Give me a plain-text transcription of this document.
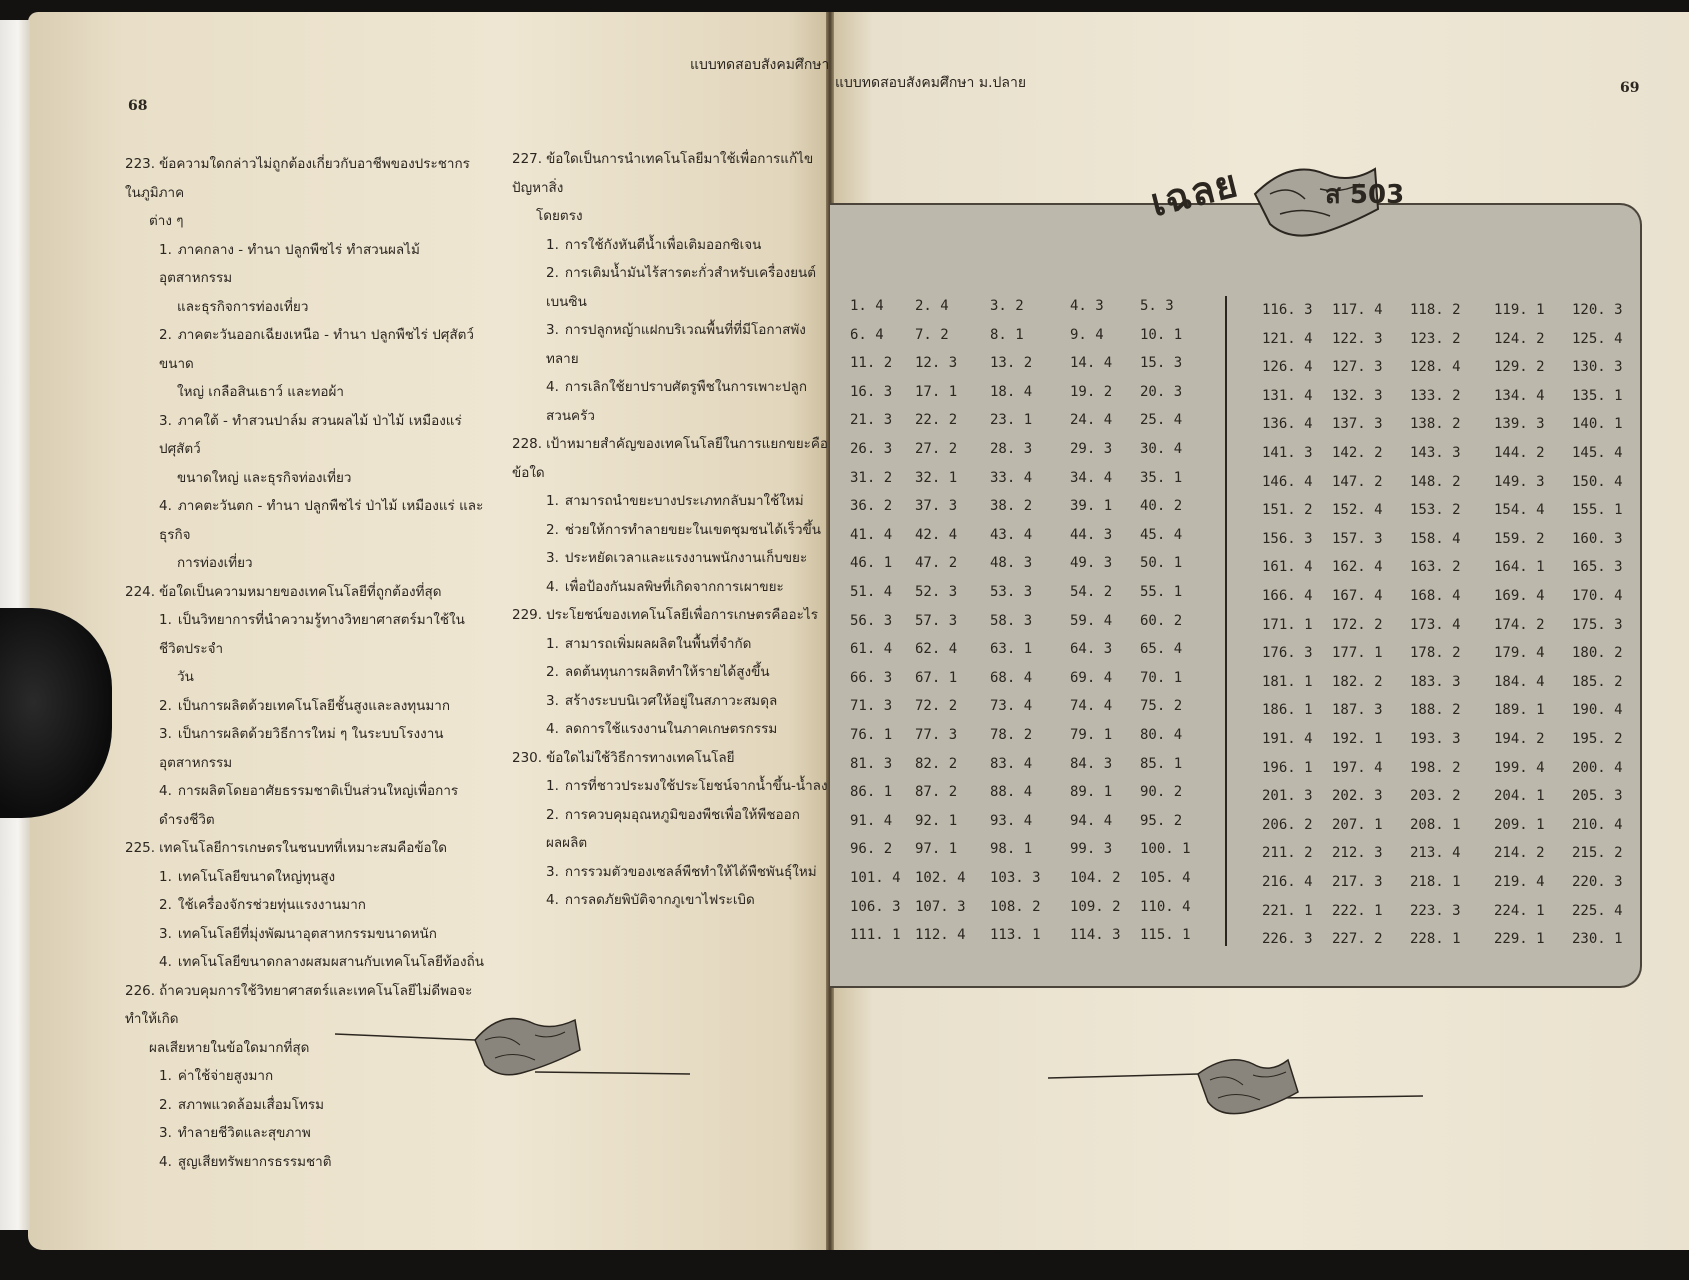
68
แบบทดสอบสังคมศึกษา
223. ข้อความใดกล่าวไม่ถูกต้องเกี่ยวกับอาชีพของประชากรในภูมิภาค
ต่าง ๆ
1. ภาคกลาง - ทำนา ปลูกพืชไร่ ทำสวนผลไม้ อุตสาหกรรม
และธุรกิจการท่องเที่ยว
2. ภาคตะวันออกเฉียงเหนือ - ทำนา ปลูกพืชไร่ ปศุสัตว์ขนาด
ใหญ่ เกลือสินเธาว์ และทอผ้า
3. ภาคใต้ - ทำสวนปาล์ม สวนผลไม้ ป่าไม้ เหมืองแร่ ปศุสัตว์
ขนาดใหญ่ และธุรกิจท่องเที่ยว
4. ภาคตะวันตก - ทำนา ปลูกพืชไร่ ป่าไม้ เหมืองแร่ และธุรกิจ
การท่องเที่ยว
224. ข้อใดเป็นความหมายของเทคโนโลยีที่ถูกต้องที่สุด
1. เป็นวิทยาการที่นำความรู้ทางวิทยาศาสตร์มาใช้ในชีวิตประจำ
วัน
2. เป็นการผลิตด้วยเทคโนโลยีชั้นสูงและลงทุนมาก
3. เป็นการผลิตด้วยวิธีการใหม่ ๆ ในระบบโรงงานอุตสาหกรรม
4. การผลิตโดยอาศัยธรรมชาติเป็นส่วนใหญ่เพื่อการดำรงชีวิต
225. เทคโนโลยีการเกษตรในชนบทที่เหมาะสมคือข้อใด
1. เทคโนโลยีขนาดใหญ่ทุนสูง
2. ใช้เครื่องจักรช่วยทุ่นแรงงานมาก
3. เทคโนโลยีที่มุ่งพัฒนาอุตสาหกรรมขนาดหนัก
4. เทคโนโลยีขนาดกลางผสมผสานกับเทคโนโลยีท้องถิ่น
226. ถ้าควบคุมการใช้วิทยาศาสตร์และเทคโนโลยีไม่ดีพอจะทำให้เกิด
ผลเสียหายในข้อใดมากที่สุด
1. ค่าใช้จ่ายสูงมาก
2. สภาพแวดล้อมเสื่อมโทรม
3. ทำลายชีวิตและสุขภาพ
4. สูญเสียทรัพยากรธรรมชาติ
227. ข้อใดเป็นการนำเทคโนโลยีมาใช้เพื่อการแก้ไขปัญหาสิ่ง
โดยตรง
1. การใช้กังหันตีน้ำเพื่อเติมออกซิเจน
2. การเติมน้ำมันไร้สารตะกั่วสำหรับเครื่องยนต์เบนซิน
3. การปลูกหญ้าแฝกบริเวณพื้นที่ที่มีโอกาสพังทลาย
4. การเลิกใช้ยาปราบศัตรูพืชในการเพาะปลูกสวนครัว
228. เป้าหมายสำคัญของเทคโนโลยีในการแยกขยะคือข้อใด
1. สามารถนำขยะบางประเภทกลับมาใช้ใหม่
2. ช่วยให้การทำลายขยะในเขตชุมชนได้เร็วขึ้น
3. ประหยัดเวลาและแรงงานพนักงานเก็บขยะ
4. เพื่อป้องกันมลพิษที่เกิดจากการเผาขยะ
229. ประโยชน์ของเทคโนโลยีเพื่อการเกษตรคืออะไร
1. สามารถเพิ่มผลผลิตในพื้นที่จำกัด
2. ลดต้นทุนการผลิตทำให้รายได้สูงขึ้น
3. สร้างระบบนิเวศให้อยู่ในสภาวะสมดุล
4. ลดการใช้แรงงานในภาคเกษตรกรรม
230. ข้อใดไม่ใช้วิธีการทางเทคโนโลยี
1. การที่ชาวประมงใช้ประโยชน์จากน้ำขึ้น-น้ำลง
2. การควบคุมอุณหภูมิของพืชเพื่อให้พืชออกผลผลิต
3. การรวมตัวของเซลล์พืชทำให้ได้พืชพันธุ์ใหม่
4. การลดภัยพิบัติจากภูเขาไฟระเบิด
แบบทดสอบสังคมศึกษา ม.ปลาย	69
เฉลย	ส 503
1. 4 2. 4	3. 2	4. 3	5. 3
6. 4 7. 2	8. 1	9. 4	10. 1
11. 2 12. 3 13. 2	14. 4 15. 3
16. 3 17. 1 18. 4	19. 2 20. 3
21. 3 22. 2 23. 1	24. 4 25. 4
26. 3 27. 2 28. 3	29. 3 30. 4
31. 2 32. 1 33. 4	34. 4 35. 1
36. 2 37. 3 38. 2	39. 1 40. 2
41. 4 42. 4 43. 4	44. 3 45. 4
46. 1 47. 2 48. 3	49. 3 50. 1
51. 4 52. 3 53. 3	54. 2 55. 1
56. 3 57. 3 58. 3	59. 4 60. 2
61. 4 62. 4 63. 1	64. 3 65. 4
66. 3 67. 1 68. 4	69. 4 70. 1
71. 3 72. 2 73. 4	74. 4 75. 2
76. 1 77. 3 78. 2	79. 1 80. 4
81. 3 82. 2 83. 4	84. 3 85. 1
86. 1 87. 2 88. 4	89. 1 90. 2
91. 4 92. 1 93. 4	94. 4 95. 2
96. 2 97. 1 98. 1	99. 3 100. 1
101. 4 102. 4 103. 3 104. 2 105. 4
106. 3 107. 3 108. 2 109. 2 110. 4
111. 1 112. 4 113. 1 114. 3 115. 1
116. 3 117. 4 118. 2 119. 1 120. 3
121. 4 122. 3 123. 2 124. 2 125. 4
126. 4 127. 3 128. 4 129. 2 130. 3
131. 4 132. 3 133. 2 134. 4 135. 1
136. 4 137. 3 138. 2 139. 3 140. 1
141. 3 142. 2 143. 3 144. 2 145. 4
146. 4 147. 2 148. 2 149. 3 150. 4
151. 2 152. 4 153. 2 154. 4 155. 1
156. 3 157. 3 158. 4 159. 2 160. 3
161. 4 162. 4 163. 2 164. 1 165. 3
166. 4 167. 4 168. 4 169. 4 170. 4
171. 1 172. 2 173. 4 174. 2 175. 3
176. 3 177. 1 178. 2 179. 4 180. 2
181. 1 182. 2 183. 3 184. 4 185. 2
186. 1 187. 3 188. 2 189. 1 190. 4
191. 4 192. 1 193. 3 194. 2 195. 2
196. 1 197. 4 198. 2 199. 4 200. 4
201. 3 202. 3 203. 2 204. 1 205. 3
206. 2 207. 1 208. 1 209. 1 210. 4
211. 2 212. 3 213. 4 214. 2 215. 2
216. 4 217. 3 218. 1 219. 4 220. 3
221. 1 222. 1 223. 3 224. 1 225. 4
226. 3 227. 2 228. 1 229. 1 230. 1
